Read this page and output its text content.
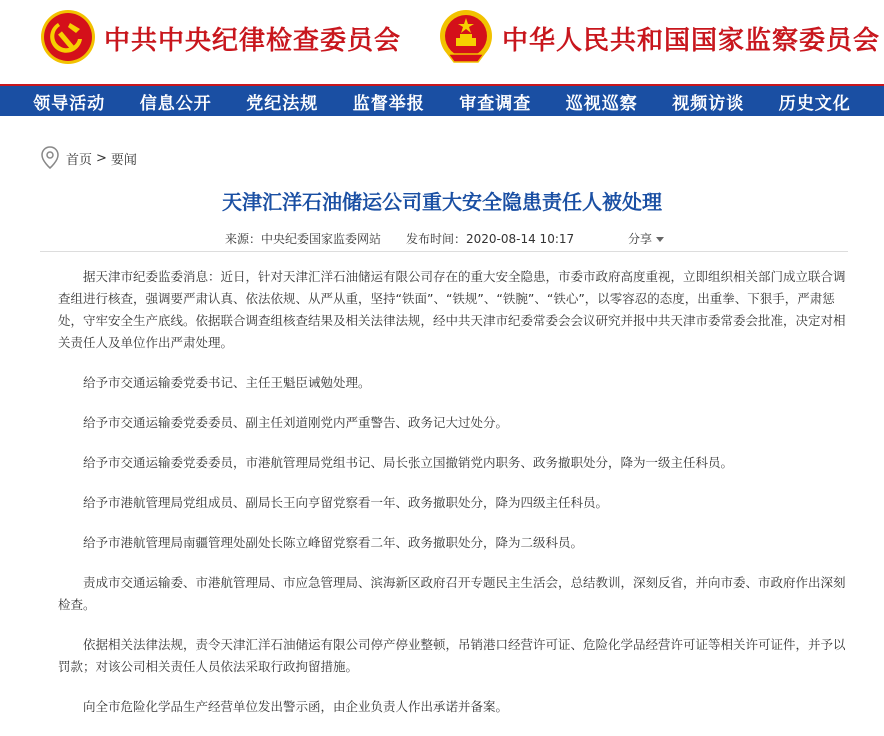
中共中央纪律检查委员会	中华人民共和国国家监察委员会
领导活动 信息公开 党纪法规 监督举报 审查调查 巡视巡察 视频访谈 历史文化
首页 > 要闻
天津汇洋石油储运公司重大安全隐患责任人被处理
来源：中央纪委国家监委网站 发布时间：2020-08-14 10:17	分享

据天津市纪委监委消息：近日，针对天津汇洋石油储运有限公司存在的重大安全隐患，市委市政府高度重视，立即组织相关部门成立联合调查组进行核查，强调要严肃认真、依法依规、从严从重，坚持“铁面”、“铁规”、“铁腕”、“铁心”，以零容忍的态度，出重拳、下狠手，严肃惩处，守牢安全生产底线。依据联合调查组核查结果及相关法律法规，经中共天津市纪委常委会会议研究并报中共天津市委常委会批准，决定对相关责任人及单位作出严肃处理。

给予市交通运输委党委书记、主任王魁臣诫勉处理。

给予市交通运输委党委委员、副主任刘道刚党内严重警告、政务记大过处分。

给予市交通运输委党委委员，市港航管理局党组书记、局长张立国撤销党内职务、政务撤职处分，降为一级主任科员。

给予市港航管理局党组成员、副局长王向亨留党察看一年、政务撤职处分，降为四级主任科员。

给予市港航管理局南疆管理处副处长陈立峰留党察看二年、政务撤职处分，降为二级科员。

责成市交通运输委、市港航管理局、市应急管理局、滨海新区政府召开专题民主生活会，总结教训，深刻反省，并向市委、市政府作出深刻检查。

依据相关法律法规，责令天津汇洋石油储运有限公司停产停业整顿，吊销港口经营许可证、危险化学品经营许可证等相关许可证件，并予以罚款；对该公司相关责任人员依法采取行政拘留措施。

向全市危险化学品生产经营单位发出警示函，由企业负责人作出承诺并备案。
